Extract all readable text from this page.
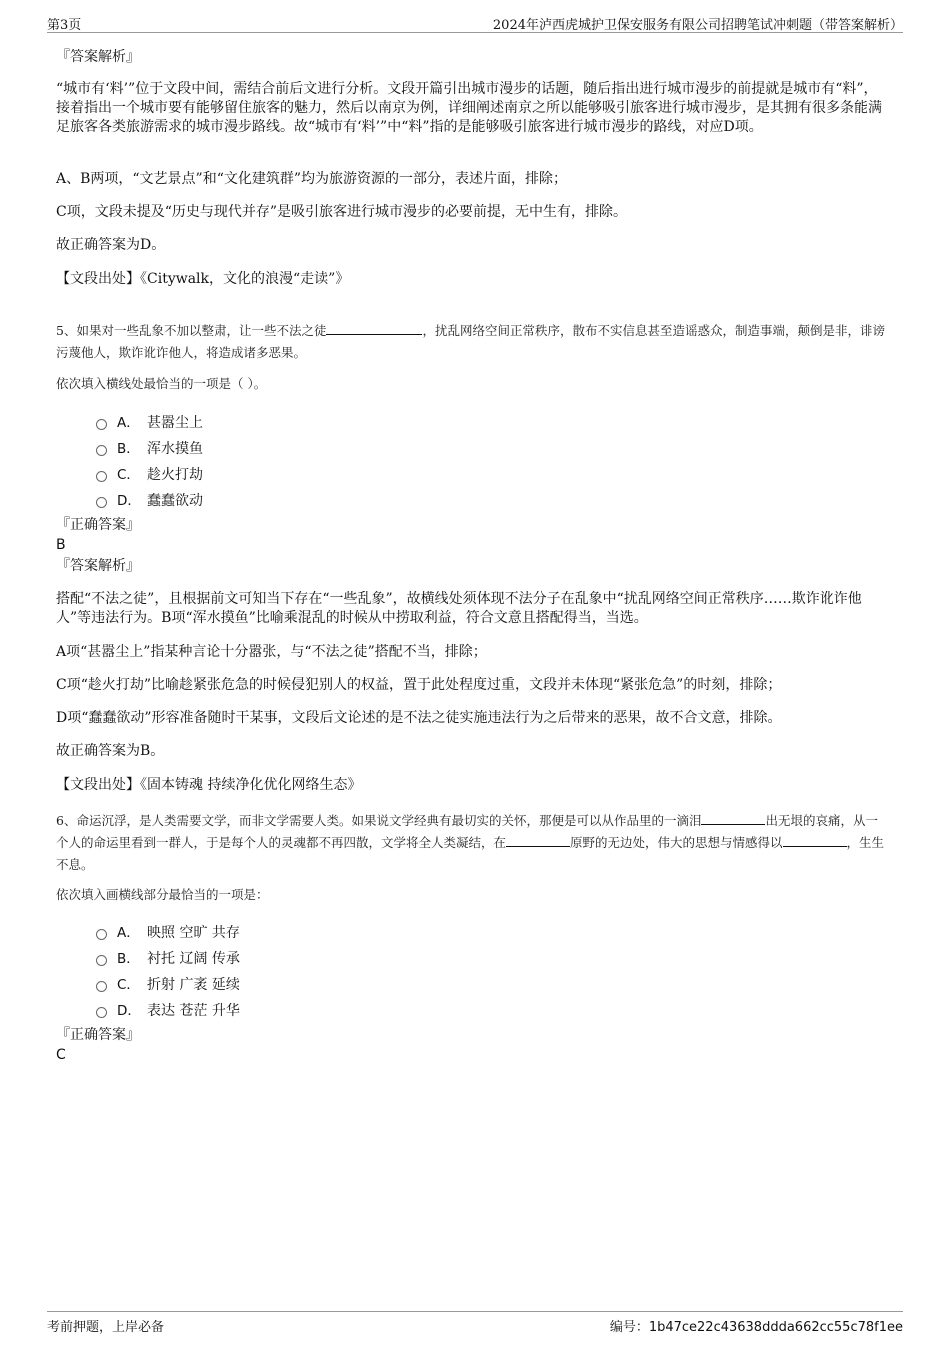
第3页	2024年泸西虎城护卫保安服务有限公司招聘笔试冲刺题（带答案解析）
『答案解析』
“城市有‘料’”位于文段中间，需结合前后文进行分析。文段开篇引出城市漫步的话题，随后指出进行城市漫步的前提就是城市有“料”，接着指出一个城市要有能够留住旅客的魅力，然后以南京为例，详细阐述南京之所以能够吸引旅客进行城市漫步，是其拥有很多条能满足旅客各类旅游需求的城市漫步路线。故“城市有‘料’”中“料”指的是能够吸引旅客进行城市漫步的路线，对应D项。
A、B两项，“文艺景点”和“文化建筑群”均为旅游资源的一部分，表述片面，排除；
C项，文段未提及“历史与现代并存”是吸引旅客进行城市漫步的必要前提，无中生有，排除。
故正确答案为D。
【文段出处】《Citywalk，文化的浪漫“走读”》
5、如果对一些乱象不加以整肃，让一些不法之徒	，扰乱网络空间正常秩序，散布不实信息甚至造谣惑众，制造事端，颠倒是非，诽谤污蔑他人，欺诈讹诈他人，将造成诸多恶果。
依次填入横线处最恰当的一项是（ ）。
A． 甚嚣尘上
B． 浑水摸鱼
C． 趁火打劫
D． 蠢蠢欲动
『正确答案』
B
『答案解析』
搭配“不法之徒”，且根据前文可知当下存在“一些乱象”，故横线处须体现不法分子在乱象中“扰乱网络空间正常秩序……欺诈讹诈他人”等违法行为。B项“浑水摸鱼”比喻乘混乱的时候从中捞取利益，符合文意且搭配得当，当选。
A项“甚嚣尘上”指某种言论十分嚣张，与“不法之徒”搭配不当，排除；
C项“趁火打劫”比喻趁紧张危急的时候侵犯别人的权益，置于此处程度过重，文段并未体现“紧张危急”的时刻，排除；
D项“蠢蠢欲动”形容准备随时干某事，文段后文论述的是不法之徒实施违法行为之后带来的恶果，故不合文意，排除。
故正确答案为B。
【文段出处】《固本铸魂 持续净化优化网络生态》
6、命运沉浮，是人类需要文学，而非文学需要人类。如果说文学经典有最切实的关怀，那便是可以从作品里的一滴泪	出无垠的哀痛，从一个人的命运里看到一群人，于是每个人的灵魂都不再四散，文学将全人类凝结，在	原野的无边处，伟大的思想与情感得以	，生生不息。
依次填入画横线部分最恰当的一项是：
A． 映照 空旷 共存
B． 衬托 辽阔 传承
C． 折射 广袤 延续
D． 表达 苍茫 升华
『正确答案』
C
考前押题，上岸必备	编号：1b47ce22c43638ddda662cc55c78f1ee
